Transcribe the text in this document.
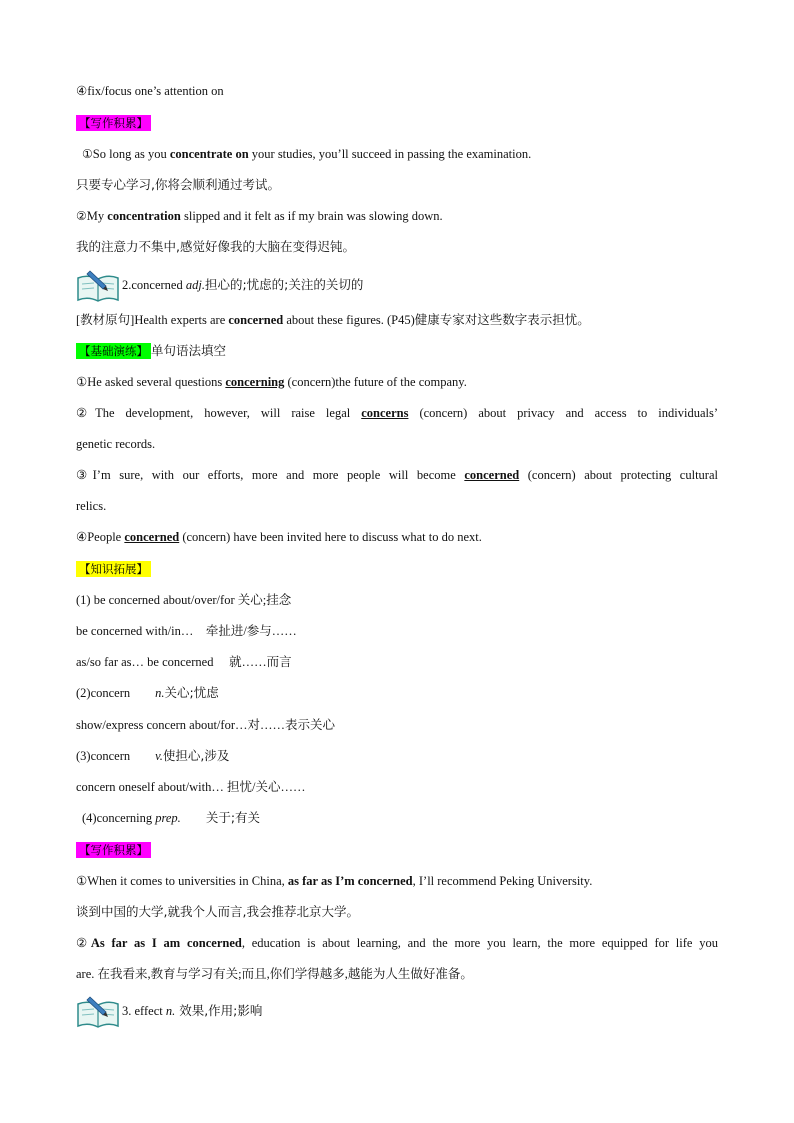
④fix/focus one’s attention on
【写作积累】
①So long as you concentrate on your studies, you’ll succeed in passing the examination.
只要专心学习,你将会顺利通过考试。
②My concentration slipped and it felt as if my brain was slowing down.
我的注意力不集中,感觉好像我的大脑在变得迟钝。
2.concerned adj.担心的;忧虑的;关注的关切的
[教材原句]Health experts are concerned about these figures. (P45)健康专家对这些数字表示担忧。
【基础演练】 单句语法填空
①He asked several questions concerning (concern)the future of the company.
②The development, however, will raise legal concerns (concern) about privacy and access to individuals’
genetic records.
③I’m sure, with our efforts, more and more people will become concerned (concern) about protecting cultural
relics.
④People concerned (concern) have been invited here to discuss what to do next.
【知识拓展】
(1) be concerned about/over/for 关心;挂念
be concerned with/in…　牵扯进/参与……
as/so far as… be concerned　 就……而言
(2)concern　　n.关心;忧虑
show/express concern about/for…对……表示关心
(3)concern　　v.使担心,涉及
concern oneself about/with… 担忧/关心……
(4)concerning prep.　　关于;有关
【写作积累】
①When it comes to universities in China, as far as I’m concerned, I’ll recommend Peking University.
谈到中国的大学,就我个人而言,我会推荐北京大学。
②As far as I am concerned, education is about learning, and the more you learn, the more equipped for life you
are. 在我看来,教育与学习有关;而且,你们学得越多,越能为人生做好准备。
3. effect n. 效果,作用;影响
